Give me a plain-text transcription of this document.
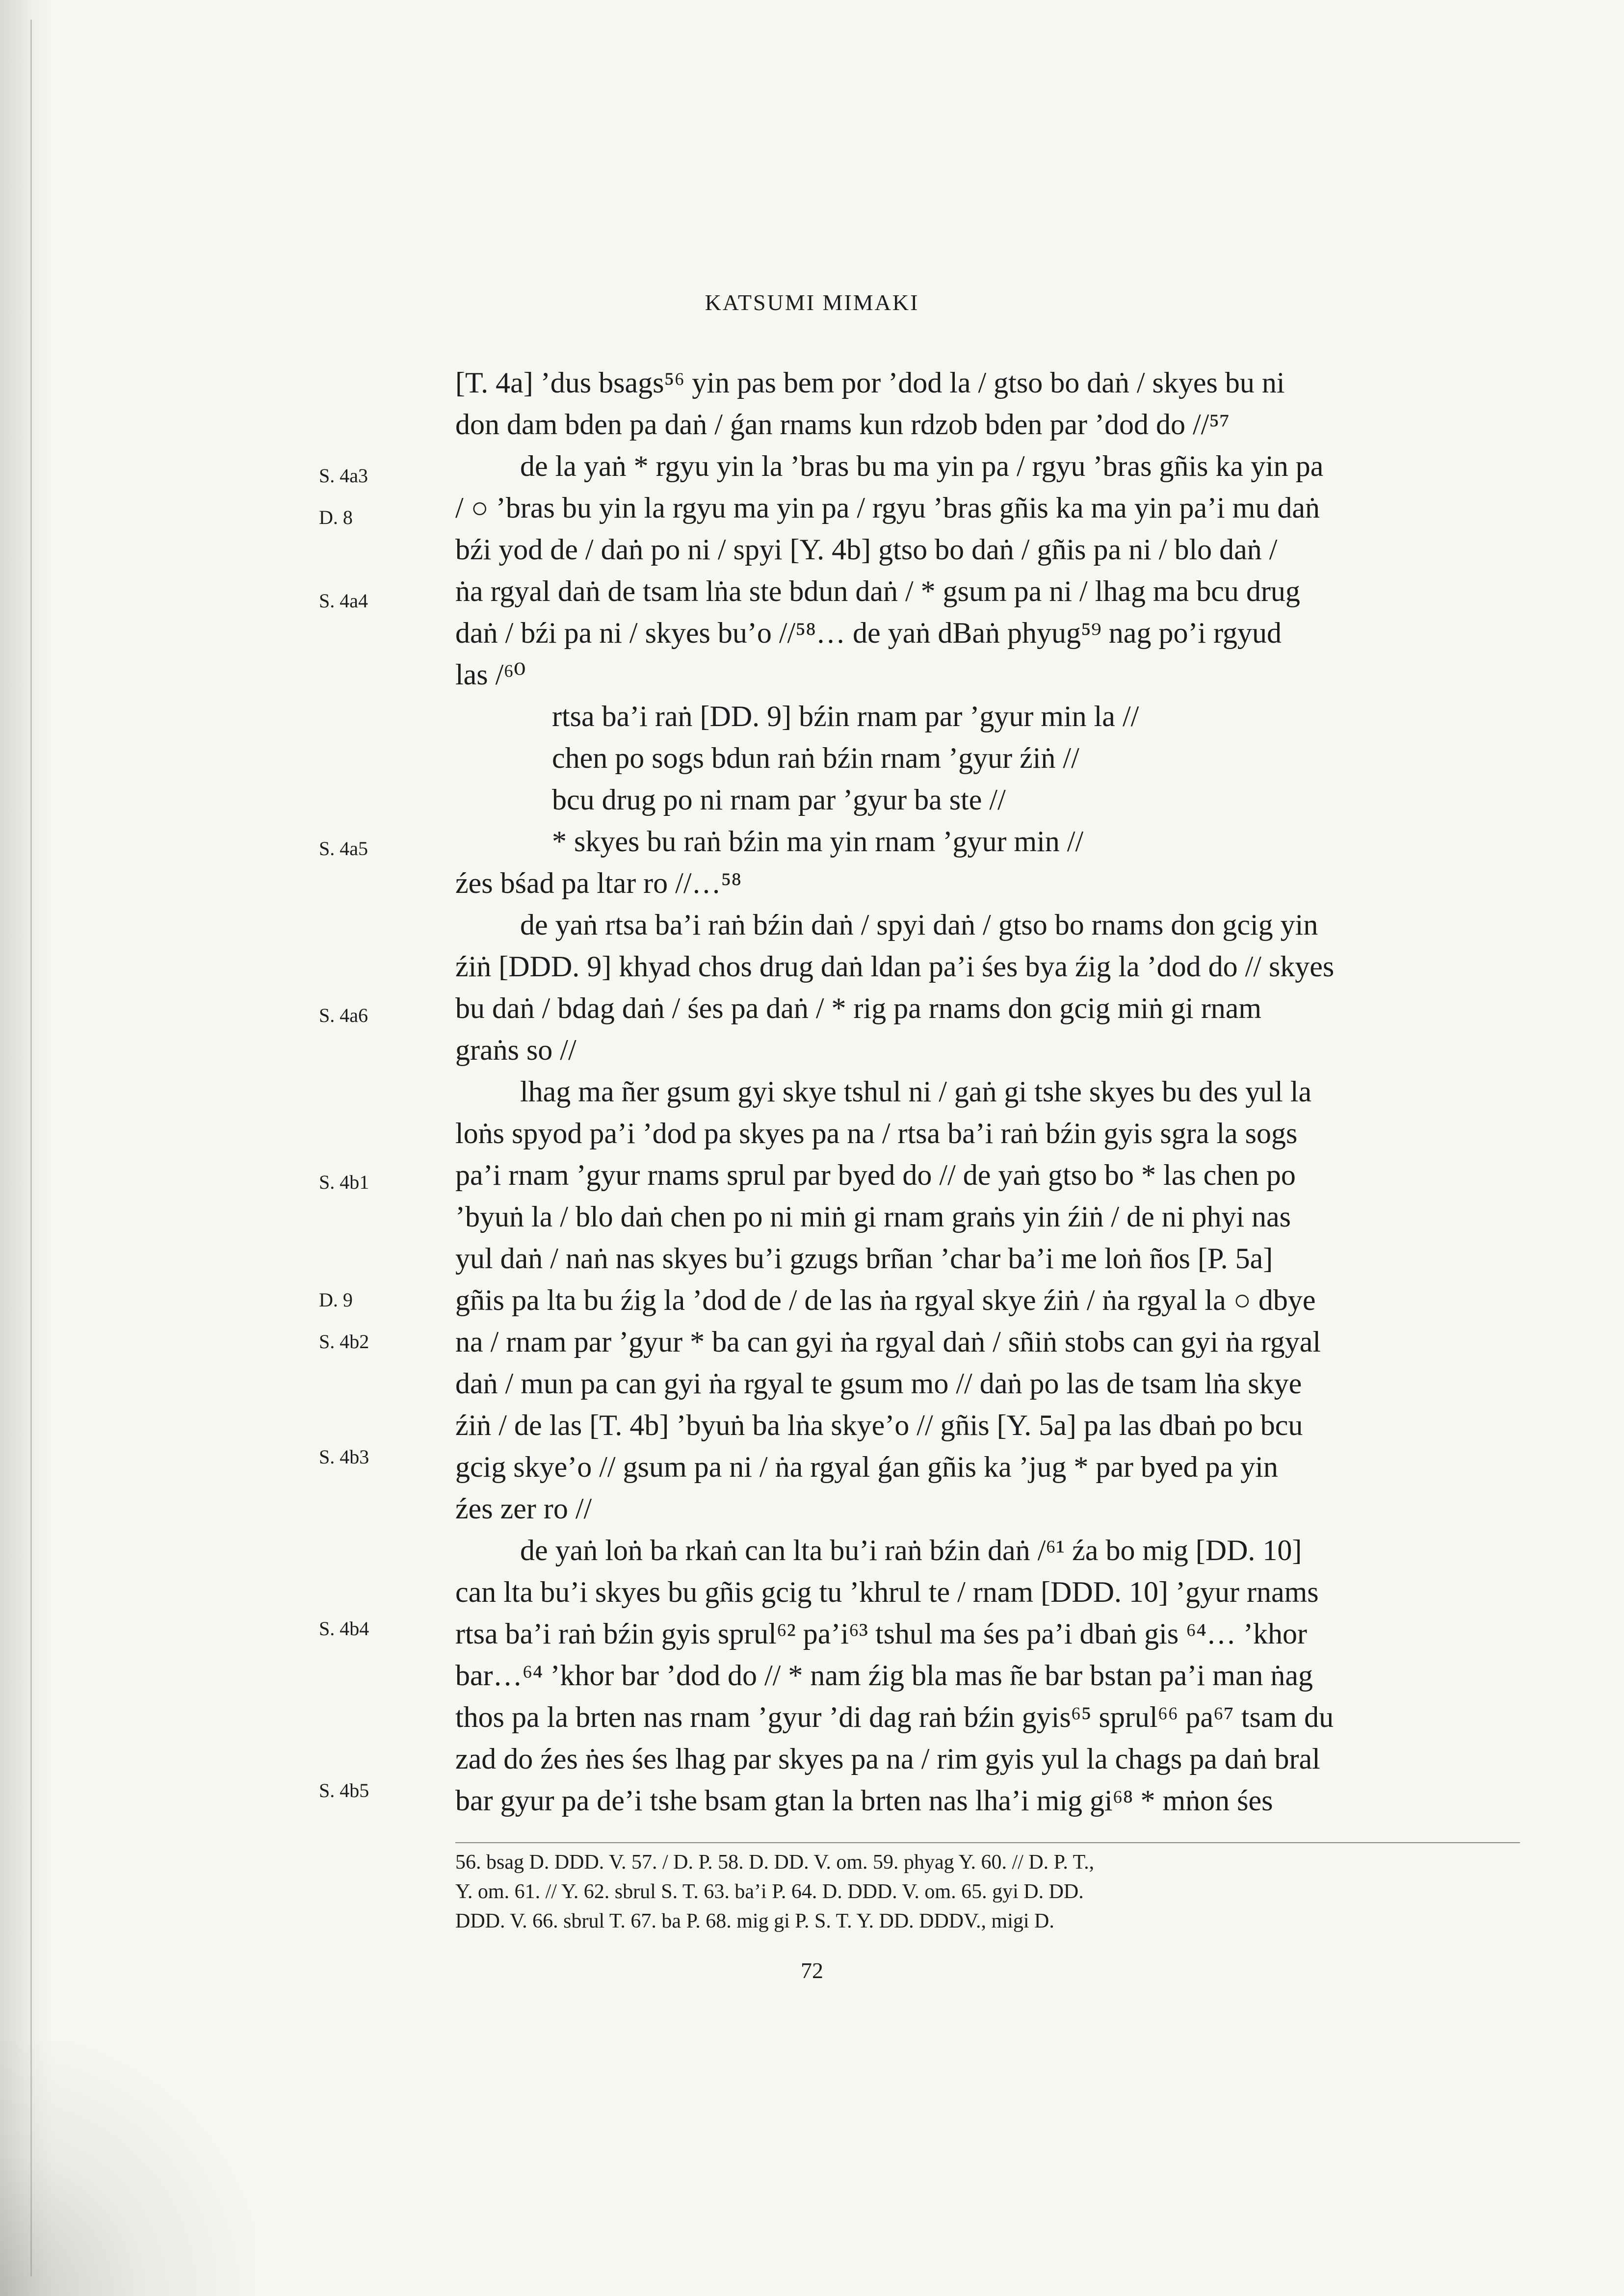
KATSUMI MIMAKI
S. 4a3
D. 8
S. 4a4
S. 4a5
S. 4a6
S. 4b1
D. 9
S. 4b2
S. 4b3
S. 4b4
S. 4b5
[T. 4a] ’dus bsags⁵⁶ yin pas bem por ’dod la / gtso bo daṅ / skyes bu ni
don dam bden pa daṅ / ǵan rnams kun rdzob bden par ’dod do //⁵⁷
de la yaṅ * rgyu yin la ’bras bu ma yin pa / rgyu ’bras gñis ka yin pa
/ ○ ’bras bu yin la rgyu ma yin pa / rgyu ’bras gñis ka ma yin pa’i mu daṅ
bźi yod de / daṅ po ni / spyi [Y. 4b] gtso bo daṅ / gñis pa ni / blo daṅ /
ṅa rgyal daṅ de tsam lṅa ste bdun daṅ / * gsum pa ni / lhag ma bcu drug
daṅ / bźi pa ni / skyes bu’o //⁵⁸… de yaṅ dBaṅ phyug⁵⁹ nag po’i rgyud
las /⁶⁰
rtsa ba’i raṅ [DD. 9] bźin rnam par ’gyur min la //
chen po sogs bdun raṅ bźin rnam ’gyur źiṅ //
bcu drug po ni rnam par ’gyur ba ste //
* skyes bu raṅ bźin ma yin rnam ’gyur min //
źes bśad pa ltar ro //…⁵⁸
de yaṅ rtsa ba’i raṅ bźin daṅ / spyi daṅ / gtso bo rnams don gcig yin
źiṅ [DDD. 9] khyad chos drug daṅ ldan pa’i śes bya źig la ’dod do // skyes
bu daṅ / bdag daṅ / śes pa daṅ / * rig pa rnams don gcig miṅ gi rnam
graṅs so //
lhag ma ñer gsum gyi skye tshul ni / gaṅ gi tshe skyes bu des yul la
loṅs spyod pa’i ’dod pa skyes pa na / rtsa ba’i raṅ bźin gyis sgra la sogs
pa’i rnam ’gyur rnams sprul par byed do // de yaṅ gtso bo * las chen po
’byuṅ la / blo daṅ chen po ni miṅ gi rnam graṅs yin źiṅ / de ni phyi nas
yul daṅ / naṅ nas skyes bu’i gzugs brñan ’char ba’i me loṅ ños [P. 5a]
gñis pa lta bu źig la ’dod de / de las ṅa rgyal skye źiṅ / ṅa rgyal la ○ dbye
na / rnam par ’gyur * ba can gyi ṅa rgyal daṅ / sñiṅ stobs can gyi ṅa rgyal
daṅ / mun pa can gyi ṅa rgyal te gsum mo // daṅ po las de tsam lṅa skye
źiṅ / de las [T. 4b] ’byuṅ ba lṅa skye’o // gñis [Y. 5a] pa las dbaṅ po bcu
gcig skye’o // gsum pa ni / ṅa rgyal ǵan gñis ka ’jug * par byed pa yin
źes zer ro //
de yaṅ loṅ ba rkaṅ can lta bu’i raṅ bźin daṅ /⁶¹ źa bo mig [DD. 10]
can lta bu’i skyes bu gñis gcig tu ’khrul te / rnam [DDD. 10] ’gyur rnams
rtsa ba’i raṅ bźin gyis sprul⁶² pa’i⁶³ tshul ma śes pa’i dbaṅ gis ⁶⁴… ’khor
bar…⁶⁴ ’khor bar ’dod do // * nam źig bla mas ñe bar bstan pa’i man ṅag
thos pa la brten nas rnam ’gyur ’di dag raṅ bźin gyis⁶⁵ sprul⁶⁶ pa⁶⁷ tsam du
zad do źes ṅes śes lhag par skyes pa na / rim gyis yul la chags pa daṅ bral
bar gyur pa de’i tshe bsam gtan la brten nas lha’i mig gi⁶⁸ * mṅon śes
56. bsag D. DDD. V. 57. / D. P. 58. D. DD. V. om. 59. phyag Y. 60. // D. P. T.,
Y. om. 61. // Y. 62. sbrul S. T. 63. ba’i P. 64. D. DDD. V. om. 65. gyi D. DD.
DDD. V. 66. sbrul T. 67. ba P. 68. mig gi P. S. T. Y. DD. DDDV., migi D.
72
